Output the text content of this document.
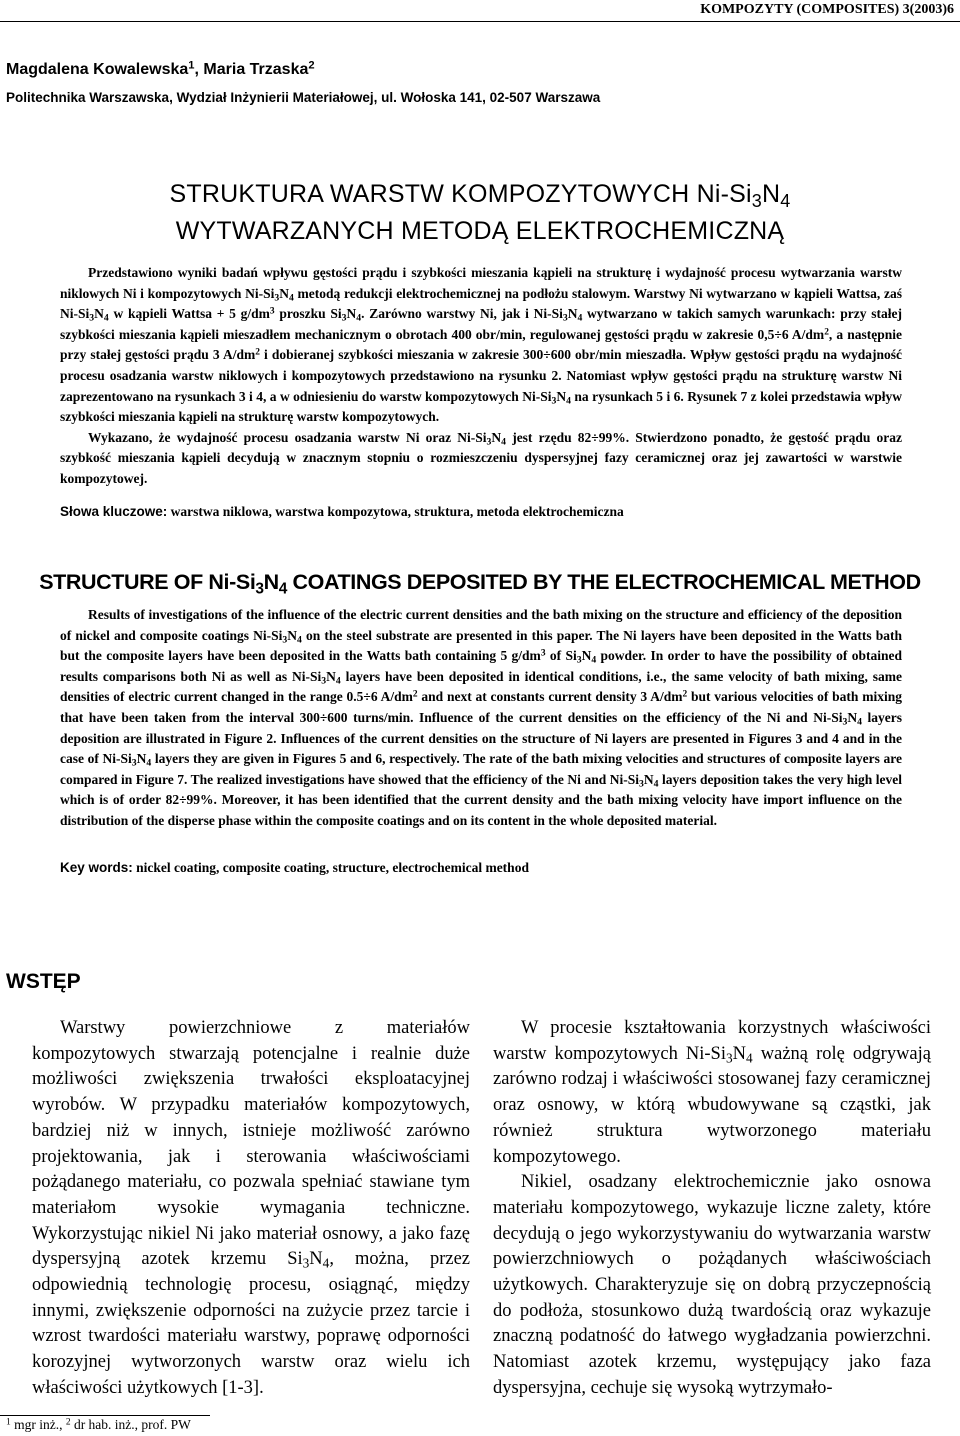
KOMPOZYTY (COMPOSITES) 3(2003)6
Magdalena Kowalewska$^1$, Maria Trzaska$^2$
Politechnika Warszawska, Wydział Inżynierii Materiałowej, ul. Wołoska 141, 02-507 Warszawa
STRUKTURA WARSTW KOMPOZYTOWYCH $Ni-Si_3N_4$
WYTWARZANYCH METODĄ ELEKTROCHEMICZNĄ

Przedstawiono wyniki badań wpływu gęstości prądu i szybkości mieszania kąpieli na strukturę i wydajność procesu wytwarzania warstw niklowych Ni i kompozytowych $Ni-Si_3N_4$ metodą redukcji elektrochemicznej na podłożu stalowym. Warstwy Ni wytwarzano w kąpieli Wattsa, zaś $Ni-Si_3N_4$ w kąpieli Wattsa + 5 $g/dm^3$ proszku $Si_3N_4$. Zarówno warstwy Ni, jak i $Ni-Si_3N_4$ wytwarzano w takich samych warunkach: przy stałej szybkości mieszania kąpieli mieszadłem mechanicznym o obrotach 400 obr/min, regulowanej gęstości prądu w zakresie 0,5÷6 $A/dm^2$, a następnie przy stałej gęstości prądu 3 $A/dm^2$ i dobieranej szybkości mieszania w zakresie 300÷600 obr/min mieszadła. Wpływ gęstości prądu na wydajność procesu osadzania warstw niklowych i kompozytowych przedstawiono na rysunku 2. Natomiast wpływ gęstości prądu na strukturę warstw Ni zaprezentowano na rysunkach 3 i 4, a w odniesieniu do warstw kompozytowych $Ni-Si_3N_4$ na rysunkach 5 i 6. Rysunek 7 z kolei przedstawia wpływ szybkości mieszania kąpieli na strukturę warstw kompozytowych.

Wykazano, że wydajność procesu osadzania warstw Ni oraz $Ni-Si_3N_4$ jest rzędu 82÷99%. Stwierdzono ponadto, że gęstość prądu oraz szybkość mieszania kąpieli decydują w znacznym stopniu o rozmieszczeniu dyspersyjnej fazy ceramicznej oraz jej zawartości w warstwie kompozytowej.

Słowa kluczowe: warstwa niklowa, warstwa kompozytowa, struktura, metoda elektrochemiczna
STRUCTURE OF $Ni-Si_3N_4$ COATINGS DEPOSITED BY THE ELECTROCHEMICAL METHOD

Results of investigations of the influence of the electric current densities and the bath mixing on the structure and efficiency of the deposition of nickel and composite coatings $Ni-Si_3N_4$ on the steel substrate are presented in this paper. The Ni layers have been deposited in the Watts bath but the composite layers have been deposited in the Watts bath containing 5 $g/dm^3$ of $Si_3N_4$ powder. In order to have the possibility of obtained results comparisons both Ni as well as $Ni-Si_3N_4$ layers have been deposited in identical conditions, i.e., the same velocity of bath mixing, same densities of electric current changed in the range 0.5÷6 $A/dm^2$ and next at constants current density 3 $A/dm^2$ but various velocities of bath mixing that have been taken from the interval 300÷600 turns/min. Influence of the current densities on the efficiency of the Ni and $Ni-Si_3N_4$ layers deposition are illustrated in Figure 2. Influences of the current densities on the structure of Ni layers are presented in Figures 3 and 4 and in the case of $Ni-Si_3N_4$ layers they are given in Figures 5 and 6, respectively. The rate of the bath mixing velocities and structures of composite layers are compared in Figure 7. The realized investigations have showed that the efficiency of the Ni and $Ni-Si_3N_4$ layers deposition takes the very high level which is of order 82÷99%. Moreover, it has been identified that the current density and the bath mixing velocity have import influence on the distribution of the disperse phase within the composite coatings and on its content in the whole deposited material.

Key words: nickel coating, composite coating, structure, electrochemical method
WSTĘP

Warstwy powierzchniowe z materiałów kompozytowych stwarzają potencjalne i realnie duże możliwości zwiększenia trwałości eksploatacyjnej wyrobów. W przypadku materiałów kompozytowych, bardziej niż w innych, istnieje możliwość zarówno projektowania, jak i sterowania właściwościami pożądanego materiału, co pozwala spełniać stawiane tym materiałom wysokie wymagania techniczne. Wykorzystując nikiel Ni jako materiał osnowy, a jako fazę dyspersyjną azotek krzemu $Si_3N_4$, można, przez odpowiednią technologię procesu, osiągnąć, między innymi, zwiększenie odporności na zużycie przez tarcie i wzrost twardości materiału warstwy, poprawę odporności korozyjnej wytworzonych warstw oraz wielu ich właściwości użytkowych [1-3].

W procesie kształtowania korzystnych właściwości warstw kompozytowych $Ni-Si_3N_4$ ważną rolę odgrywają zarówno rodzaj i właściwości stosowanej fazy ceramicznej oraz osnowy, w którą wbudowywane są cząstki, jak również struktura wytworzonego materiału kompozytowego.

Nikiel, osadzany elektrochemicznie jako osnowa materiału kompozytowego, wykazuje liczne zalety, które decydują o jego wykorzystywaniu do wytwarzania warstw powierzchniowych o pożądanych właściwościach użytkowych. Charakteryzuje się on dobrą przyczepnością do podłoża, stosunkowo dużą twardością oraz wykazuje znaczną podatność do łatwego wygładzania powierzchni. Natomiast azotek krzemu, występujący jako faza dyspersyjna, cechuje się wysoką wytrzymało-

$^1$ mgr inż., $^2$ dr hab. inż., prof. PW
